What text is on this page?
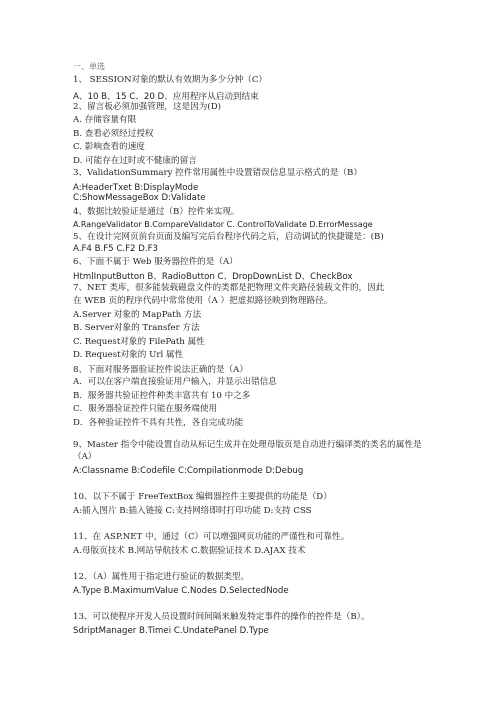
一、单选
1、 SESSION对象的默认有效期为多少分钟（C）
A、10 B、15 C、20 D、应用程序从启动到结束
2、留言板必须加强管理，这是因为(D)
A. 存储容量有限
B. 查看必须经过授权
C. 影响查看的速度
D. 可能存在过时或不健康的留言
3、ValidationSummary 控件常用属性中设置错误信息显示格式的是（B）
A:HeaderTxet B:DisplayMode
C:ShowMessageBox D:Validate
4、数据比较验证是通过（B）控件来实现。
A.RangeValidator B.CompareValidator C. ControlToValidate D.ErrorMessage
5、在设计完网页前台页面及编写完后台程序代码之后，启动调试的快捷键是：(B)
A.F4 B.F5 C.F2 D.F3
6、下面不属于 Web 服务器控件的是（A）
HtmlInputButton B、RadioButton C、DropDownList D、CheckBox
7、NET 类库，很多能装载磁盘文件的类都是把物理文件夹路径装载文件的，因此
在 WEB 页的程序代码中常常使用（A ）把虚拟路径映到物理路径。
A.Server 对象的 MapPath 方法
B. Server对象的 Transfer 方法
C. Request对象的 FilePath 属性
D. Request对象的 Url 属性
8、下面对服务器验证控件说法正确的是（A）
A．可以在客户端直接验证用户输入，并显示出错信息
B．服务器共验证控件种类丰富共有 10 中之多
C．服务器验证控件只能在服务端使用
D．各种验证控件不具有共性，各自完成功能
9、Master 指令中能设置自动从标记生成并在处理母版页是自动进行编译类的类名的属性是
（A）
A:Classname B:Codefile C:Compilationmode D:Debug
10、以下不属于 FreeTextBox 编辑器控件主要提供的功能是（D）
A:插入图片 B:插入链接 C:支持网络即时打印功能 D:支持 CSS
11、在 ASP.NET 中，通过（C）可以增强网页功能的严谨性和可靠性。
A.母版页技术 B.网站导航技术 C.数据验证技术 D.AJAX 技术
12、（A）属性用于指定进行验证的数据类型。
A.Type B.MaximumValue C.Nodes D.SelectedNode
13、可以使程序开发人员设置时间间隔来触发特定事件的操作的控件是（B）。
SdriptManager B.Timei C.UndatePanel D.Type
